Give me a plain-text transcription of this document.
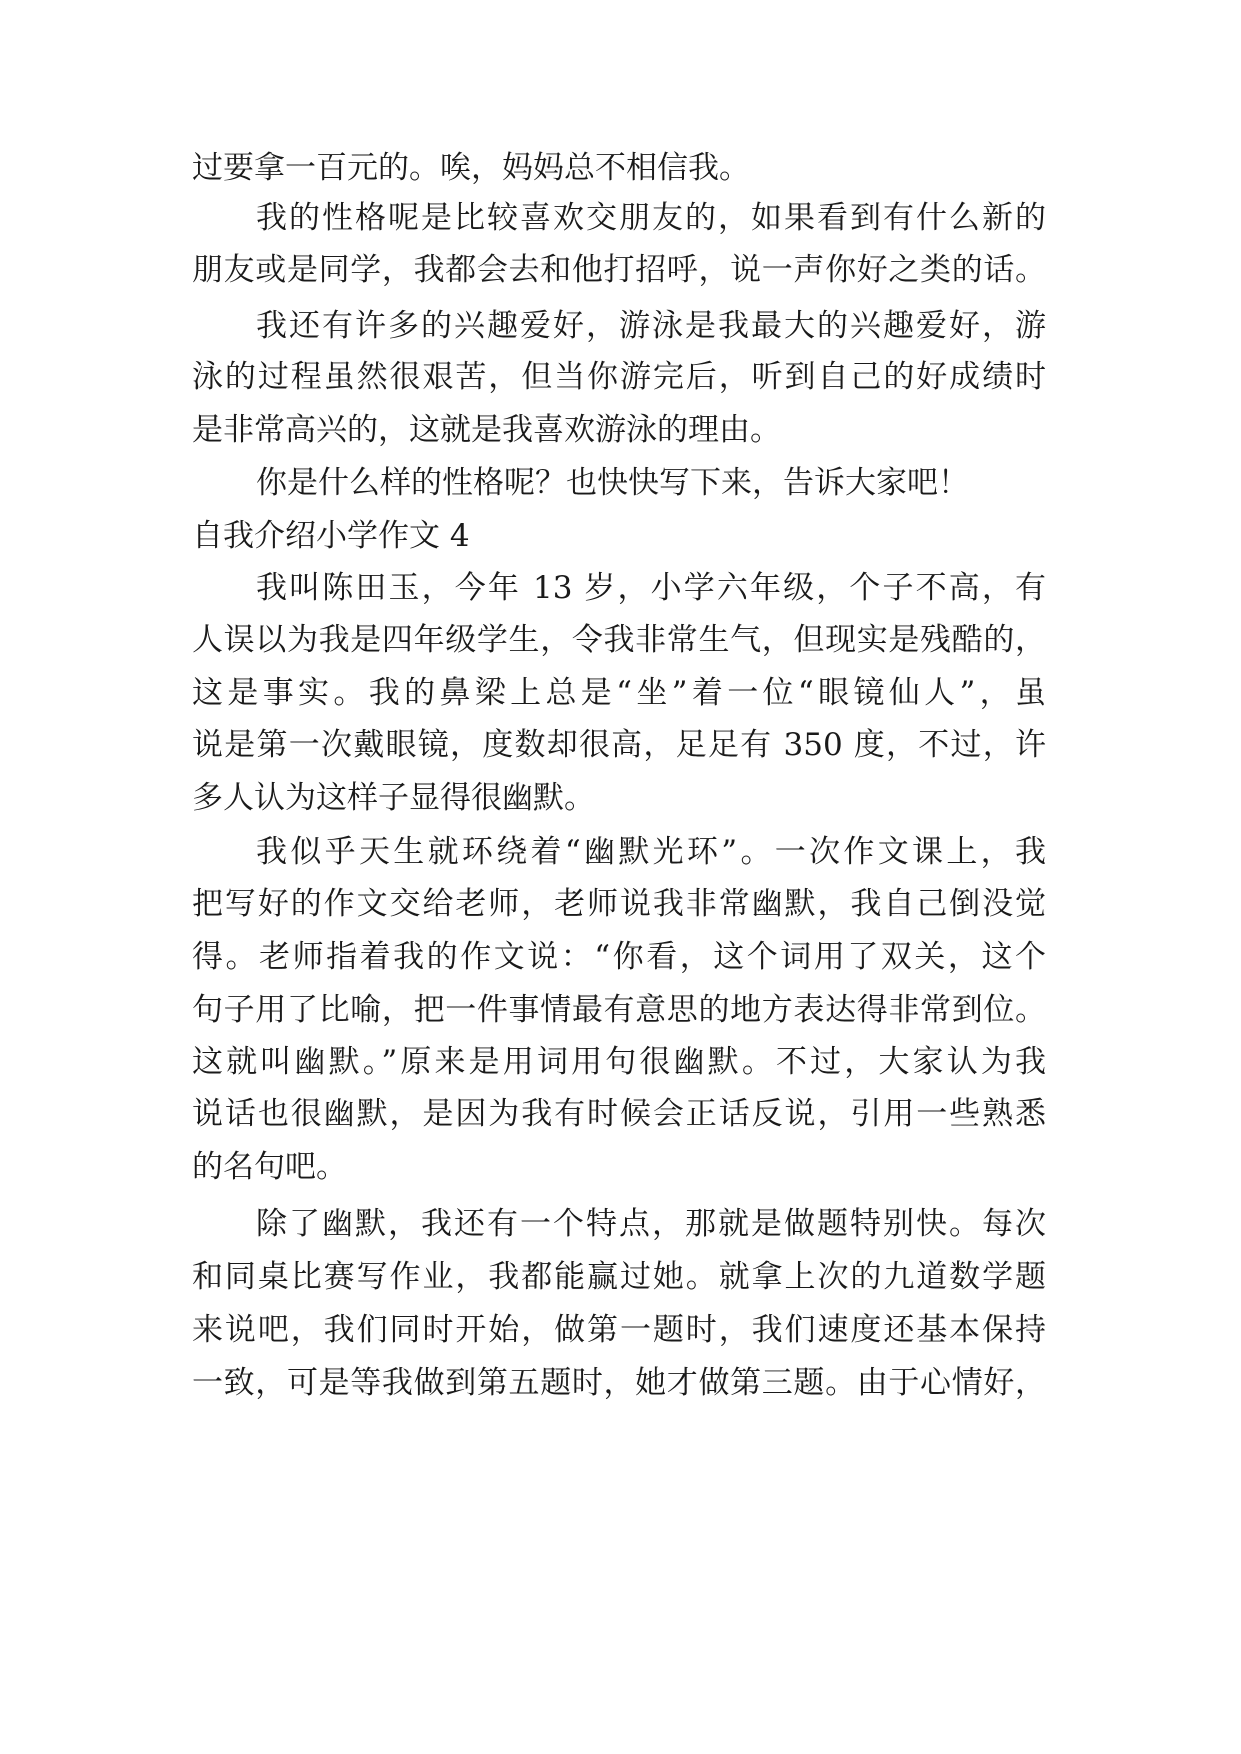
过要拿一百元的。唉，妈妈总不相信我。
我的性格呢是比较喜欢交朋友的，如果看到有什么新的
朋友或是同学，我都会去和他打招呼，说一声你好之类的话。
我还有许多的兴趣爱好，游泳是我最大的兴趣爱好，游
泳的过程虽然很艰苦，但当你游完后，听到自己的好成绩时
是非常高兴的，这就是我喜欢游泳的理由。
你是什么样的性格呢？也快快写下来，告诉大家吧！
自我介绍小学作文 4
我叫陈田玉，今年 13 岁，小学六年级，个子不高，有
人误以为我是四年级学生，令我非常生气，但现实是残酷的，
这是事实。我的鼻梁上总是“坐”着一位“眼镜仙人”，虽
说是第一次戴眼镜，度数却很高，足足有 350 度，不过，许
多人认为这样子显得很幽默。
我似乎天生就环绕着“幽默光环”。一次作文课上，我
把写好的作文交给老师，老师说我非常幽默，我自己倒没觉
得。老师指着我的作文说：“你看，这个词用了双关，这个
句子用了比喻，把一件事情最有意思的地方表达得非常到位。
这就叫幽默。”原来是用词用句很幽默。不过，大家认为我
说话也很幽默，是因为我有时候会正话反说，引用一些熟悉
的名句吧。
除了幽默，我还有一个特点，那就是做题特别快。每次
和同桌比赛写作业，我都能赢过她。就拿上次的九道数学题
来说吧，我们同时开始，做第一题时，我们速度还基本保持
一致，可是等我做到第五题时，她才做第三题。由于心情好，
